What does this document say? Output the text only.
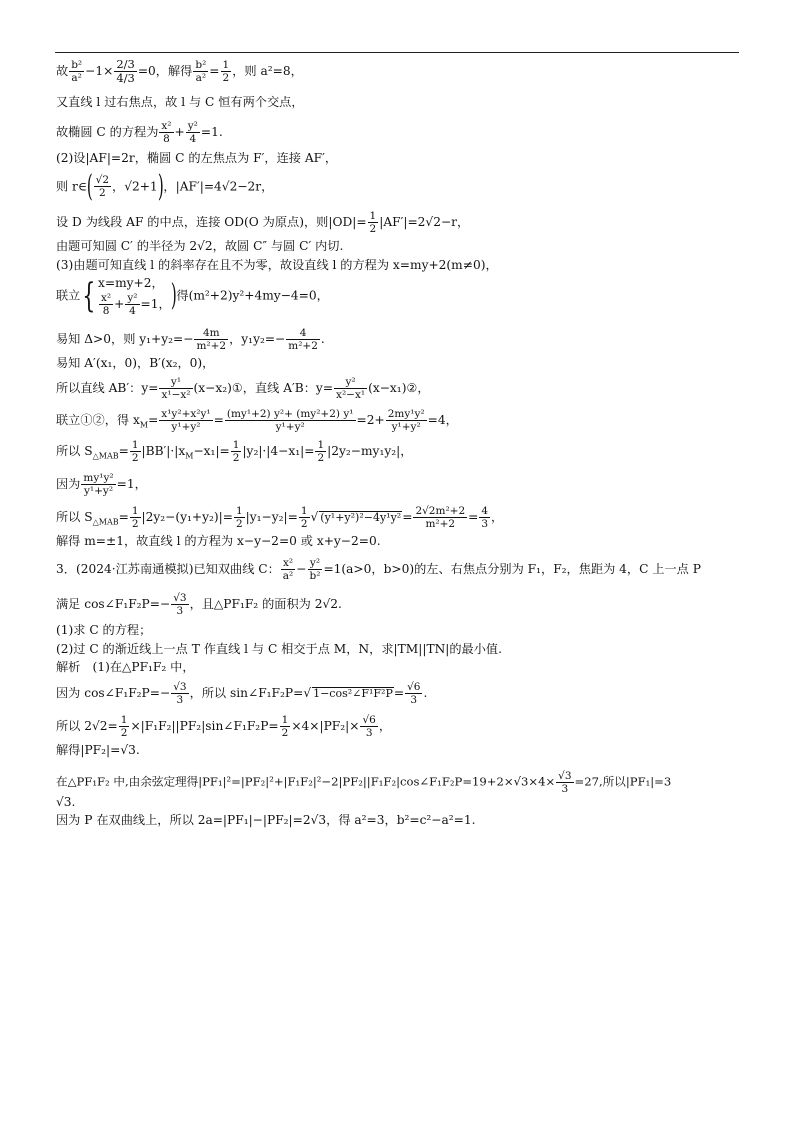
故 $\frac{\text{b²}}{\text{a²}} -1\times \frac{2/3}{4/3} =0$，解得 $\frac{\text{b²}}{\text{a²}} = \frac{1}{2}$ ，则 a²=8，
又直线 l 过右焦点，故 l 与 C 恒有两个交点，
故椭圆 C 的方程为 $\frac{\text{x²}}{8} + \frac{\text{y²}}{4} =1$.
(2)设|AF|=2r，椭圆 C 的左焦点为 F′，连接 AF′，
则 r∈( $\frac{√2}{2}$ ，√2+1)，|AF′|=4√2−2r，
设 D 为线段 AF 的中点，连接 OD(O 为原点)，则$|OD|= \frac{1}{2} |AF'|=2√2-r$，
由题可知圆 C′ 的半径为 2√2，故圆 C″ 与圆 C′ 内切.
(3)由题可知直线 l 的斜率存在且不为零，故设直线 l 的方程为 x=my+2(m≠0)，
联立{ x=my+2，
$\frac{\text{x²}}{8} + \frac{\text{y²}}{4} =1$， )得(m²+2)y²+4my−4=0，
易知 Δ>0，则 $y_1+y_2=- \frac{4m}{\text{m²+2}}$ ，$y_1y_2=- \frac{4}{\text{m²+2}}$ .
易知 A′(x₁，0)，B′(x₂，0)，
所以直线 AB′：$y= \frac{\text{y¹}}{\text{x¹−x²}}$ (x−x₂)①，直线 A′B：$y= \frac{\text{y²}}{\text{x²−x¹}}$ (x−x₁)②，
联立①②，得 $x_M= \frac{\text{x¹y²+x²y¹}}{\text{y¹+y²}} = \frac{\text{(my¹+2) y²+ (my²+2) y¹}}{\text{y¹+y²}} =2+ \frac{\text{2my¹y²}}{\text{y¹+y²}} =4$，
所以 $S_{\triangle MAB}= \frac{1}{2} |BB'|\cdot|x_M-x_1|= \frac{1}{2} |y_2|\cdot|4-x_1|= \frac{1}{2} |2y_2-my_1y_2|$，
因为 $\frac{\text{my¹y²}}{\text{y¹+y²}} =1$，
所以 $S_{\triangle MAB}= \frac{1}{2} |2y_2-(y_1+y_2)|= \frac{1}{2} |y_1-y_2|= \frac{1}{2}$ √ $(y^1+y^2)^2-4y^1y^2= \frac{\text{2√2m²+2}}{\text{m²+2}} = \frac{4}{3}$ ，
解得 m=±1，故直线 l 的方程为 x−y−2=0 或 x+y−2=0.
3．(2024·江苏南通模拟)已知双曲线 C： $\frac{\text{x²}}{\text{a²}} - \frac{\text{y²}}{\text{b²}} =1(a>0$，b>0)的左、右焦点分别为 F₁，F₂，焦距为 4，C 上一点 P
满足 cos∠F₁F₂P=− $\frac{√3}{3}$ ，且△PF₁F₂ 的面积为 2√2.
(1)求 C 的方程；
(2)过 C 的渐近线上一点 T 作直线 l 与 C 相交于点 M，N，求|TM||TN|的最小值.
解析　(1)在△PF₁F₂ 中，
因为 cos∠F₁F₂P=− $\frac{√3}{3}$ ，所以 sin∠F₁F₂P=√ 1−cos²∠F¹F²P= $\frac{√6}{3}$ .
所以 $2√2= \frac{1}{2}$ ×|F₁F₂||PF₂|sin∠F₁F₂P= $\frac{1}{2} \times 4\times|PF_2|\times \frac{√6}{3}$ ，
解得|PF₂|=√3.
在△PF₁F₂ 中,由余弦定理得|PF₁|²=|PF₂|²+|F₁F₂|²−2|PF₂||F₁F₂|cos∠F₁F₂P=19+2×√3×4× $\frac{√3}{3} =27$,所以|PF₁|=3
√3.
因为 P 在双曲线上，所以 2a=|PF₁|−|PF₂|=2√3，得 a²=3，b²=c²−a²=1.
